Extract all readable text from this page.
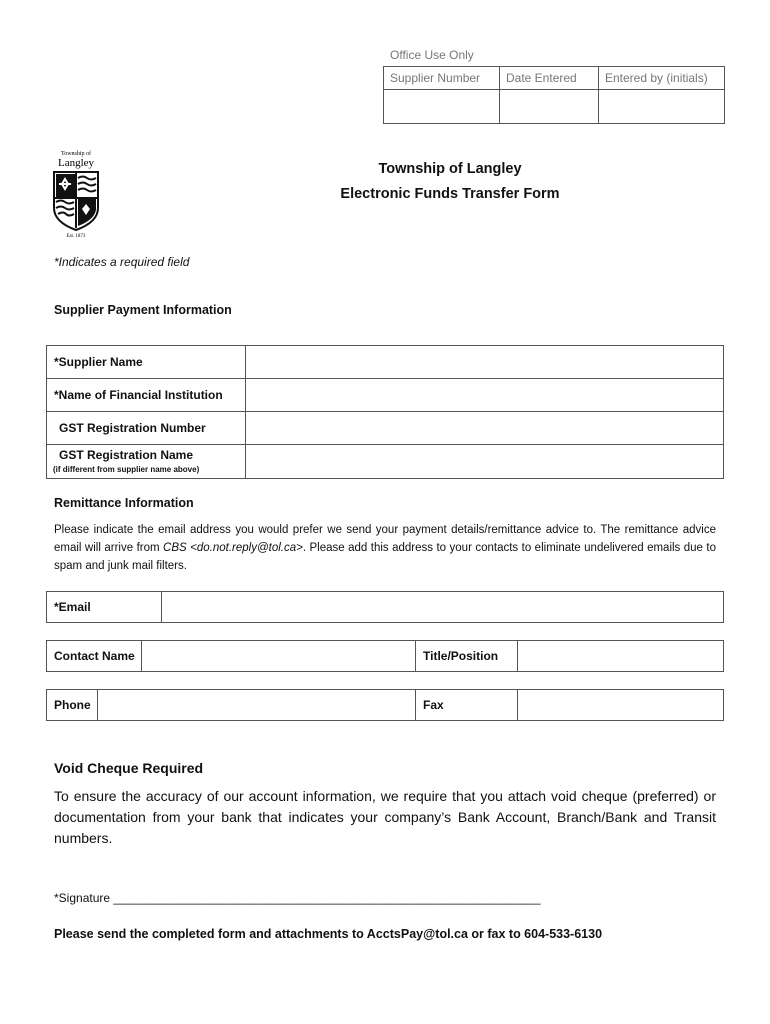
Office Use Only
Supplier Number	Date Entered	Entered by (initials)

Township of
Langley
Est. 1873
Township of Langley
Electronic Funds Transfer Form
*Indicates a required field
Supplier Payment Information
*Supplier Name	
*Name of Financial Institution	
GST Registration Number	
GST Registration Name
(if different from supplier name above)	

Remittance Information
Please indicate the email address you would prefer we send your payment details/remittance advice to. The remittance advice email will arrive from CBS <do.not.reply@tol.ca>. Please add this address to your contacts to eliminate undelivered emails due to spam and junk mail filters.
*Email
Contact Name	Title/Position
Phone	Fax
Void Cheque Required
To ensure the accuracy of our account information, we require that you attach void cheque (preferred) or documentation from your bank that indicates your company’s Bank Account, Branch/Bank and Transit numbers.
*Signature ________________________________________________________________
Please send the completed form and attachments to AcctsPay@tol.ca or fax to 604-533-6130
